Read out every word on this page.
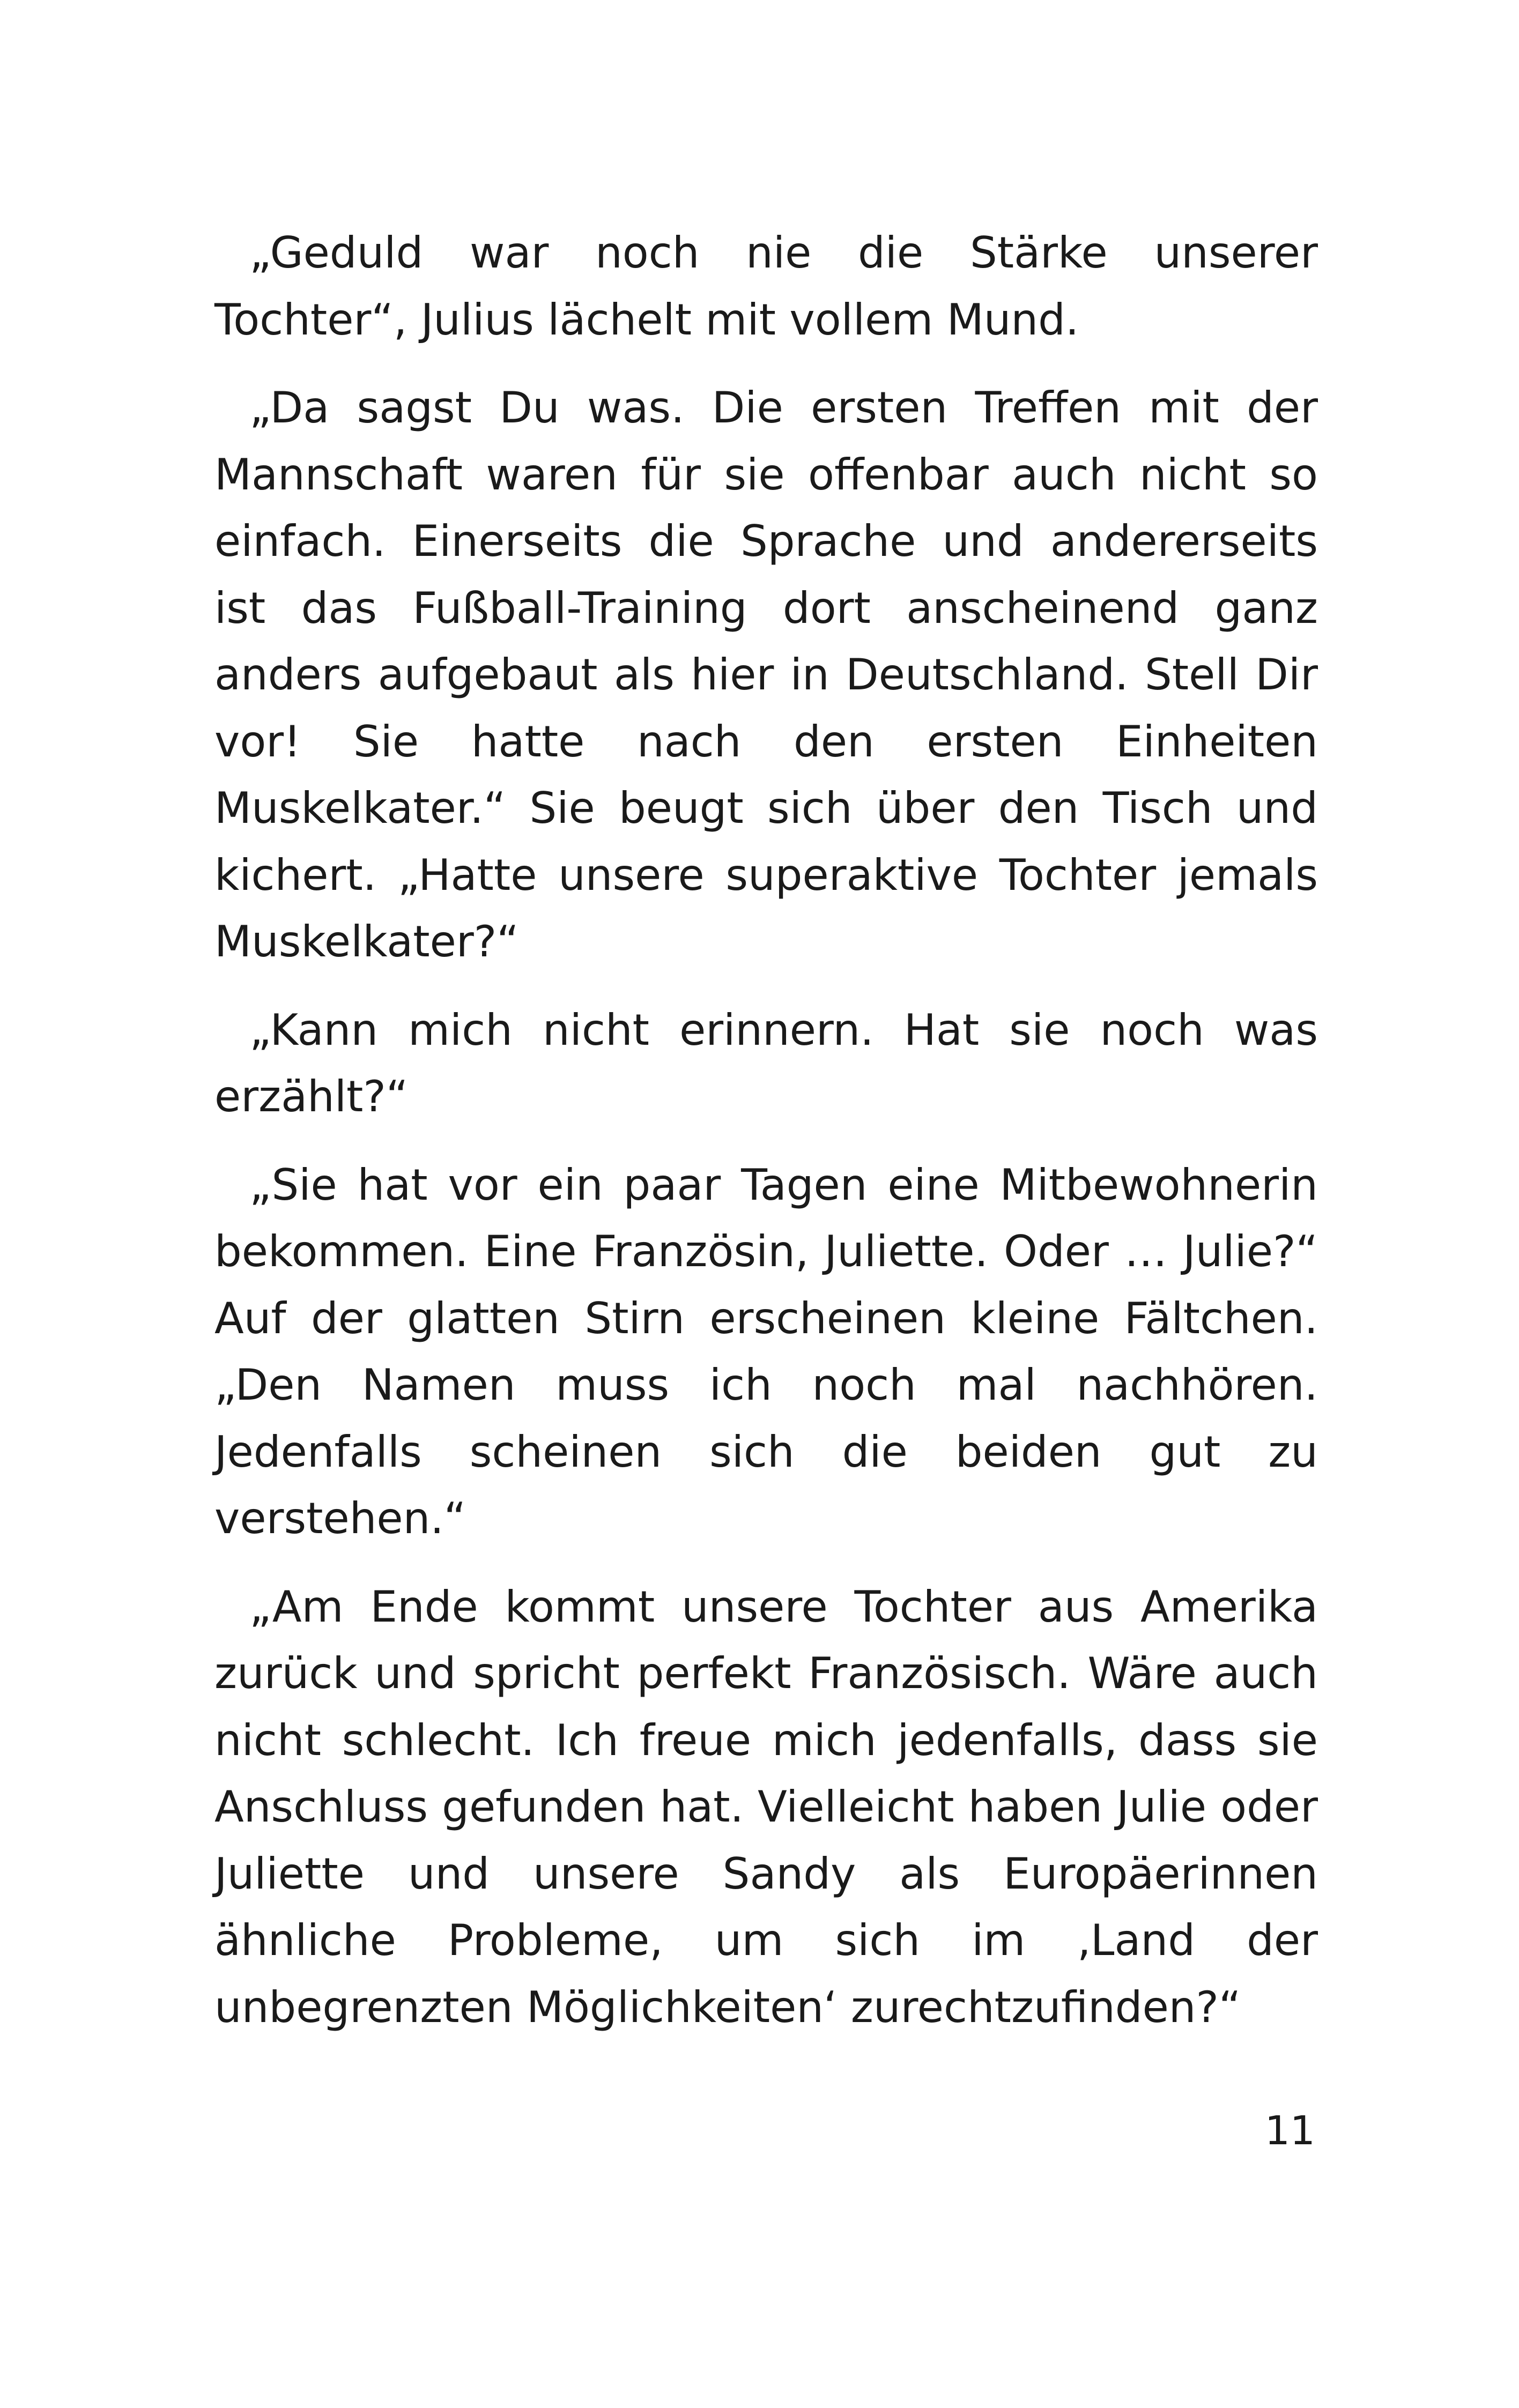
„Geduld war noch nie die Stärke unserer Tochter“, Julius lächelt mit vollem Mund.

„Da sagst Du was. Die ersten Treffen mit der Mannschaft waren für sie offenbar auch nicht so einfach. Einerseits die Sprache und andererseits ist das Fußball-Training dort anscheinend ganz anders aufgebaut als hier in Deutschland. Stell Dir vor! Sie hatte nach den ersten Einheiten Muskelkater.“ Sie beugt sich über den Tisch und kichert. „Hatte unsere superaktive Tochter jemals Muskelkater?“

„Kann mich nicht erinnern. Hat sie noch was erzählt?“

„Sie hat vor ein paar Tagen eine Mitbewohnerin bekommen. Eine Französin, Juliette. Oder … Julie?“ Auf der glatten Stirn erscheinen kleine Fältchen. „Den Namen muss ich noch mal nachhören. Jedenfalls scheinen sich die beiden gut zu verstehen.“

„Am Ende kommt unsere Tochter aus Amerika zurück und spricht perfekt Französisch. Wäre auch nicht schlecht. Ich freue mich jedenfalls, dass sie Anschluss gefunden hat. Vielleicht haben Julie oder Juliette und unsere Sandy als Europäerinnen ähnliche Probleme, um sich im ‚Land der unbegrenzten Möglichkeiten‘ zurechtzufinden?“

11
